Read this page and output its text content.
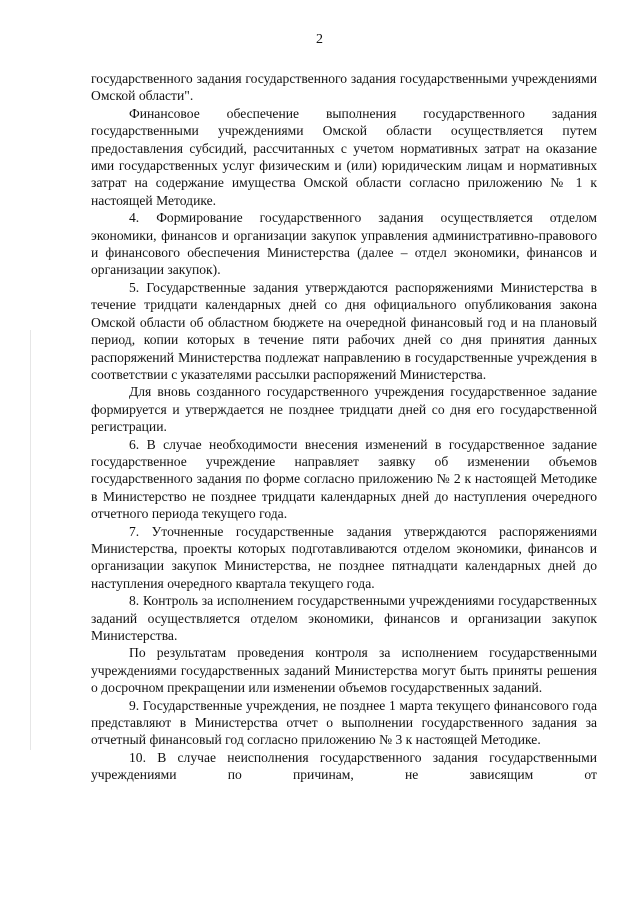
2

государственного задания государственного задания государственными учреждениями Омской области".

Финансовое обеспечение выполнения государственного задания государственными учреждениями Омской области осуществляется путем предоставления субсидий, рассчитанных с учетом нормативных затрат на оказание ими государственных услуг физическим и (или) юридическим лицам и нормативных затрат на содержание имущества Омской области согласно приложению № 1 к настоящей Методике.

4. Формирование государственного задания осуществляется отделом экономики, финансов и организации закупок управления административно-правового и финансового обеспечения Министерства (далее – отдел экономики, финансов и организации закупок).

5. Государственные задания утверждаются распоряжениями Министерства в течение тридцати календарных дней со дня официального опубликования закона Омской области об областном бюджете на очередной финансовый год и на плановый период, копии которых в течение пяти рабочих дней со дня принятия данных распоряжений Министерства подлежат направлению в государственные учреждения в соответствии с указателями рассылки распоряжений Министерства.

Для вновь созданного государственного учреждения государственное задание формируется и утверждается не позднее тридцати дней со дня его государственной регистрации.

6. В случае необходимости внесения изменений в государственное задание государственное учреждение направляет заявку об изменении объемов государственного задания по форме согласно приложению № 2 к настоящей Методике в Министерство не позднее тридцати календарных дней до наступления очередного отчетного периода текущего года.

7. Уточненные государственные задания утверждаются распоряжениями Министерства, проекты которых подготавливаются отделом экономики, финансов и организации закупок Министерства, не позднее пятнадцати календарных дней до наступления очередного квартала текущего года.

8. Контроль за исполнением государственными учреждениями государственных заданий осуществляется отделом экономики, финансов и организации закупок Министерства.

По результатам проведения контроля за исполнением государственными учреждениями государственных заданий Министерства могут быть приняты решения о досрочном прекращении или изменении объемов государственных заданий.

9. Государственные учреждения, не позднее 1 марта текущего финансового года представляют в Министерства отчет о выполнении государственного задания за отчетный финансовый год согласно приложению № 3 к настоящей Методике.

10. В случае неисполнения государственного задания государственными учреждениями по причинам, не зависящим от
